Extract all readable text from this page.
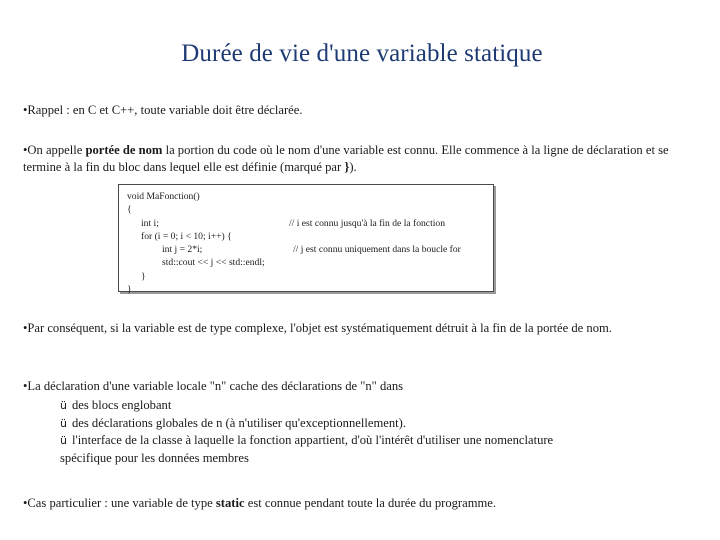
Durée de vie d'une variable statique
•Rappel : en C et C++, toute variable doit être déclarée.
•On appelle portée de nom la portion du code où le nom d'une variable est connu. Elle commence à la ligne de déclaration et se termine à la fin du bloc dans lequel elle est définie (marqué par }).
void MaFonction()
{
int i;	// i est connu jusqu'à la fin de la fonction
for (i = 0; i < 10; i++) {
int j = 2*i;	// j est connu uniquement dans la boucle for
std::cout << j << std::endl;
}
}
•Par conséquent, si la variable est de type complexe, l'objet est systématiquement détruit à la fin de la portée de nom.
•La déclaration d'une variable locale "n" cache des déclarations de "n" dans
ü des blocs englobant
ü des déclarations globales de n (à n'utiliser qu'exceptionnellement).
ü l'interface de la classe à laquelle la fonction appartient, d'où l'intérêt d'utiliser une nomenclature
spécifique pour les données membres
•Cas particulier : une variable de type static est connue pendant toute la durée du programme.
